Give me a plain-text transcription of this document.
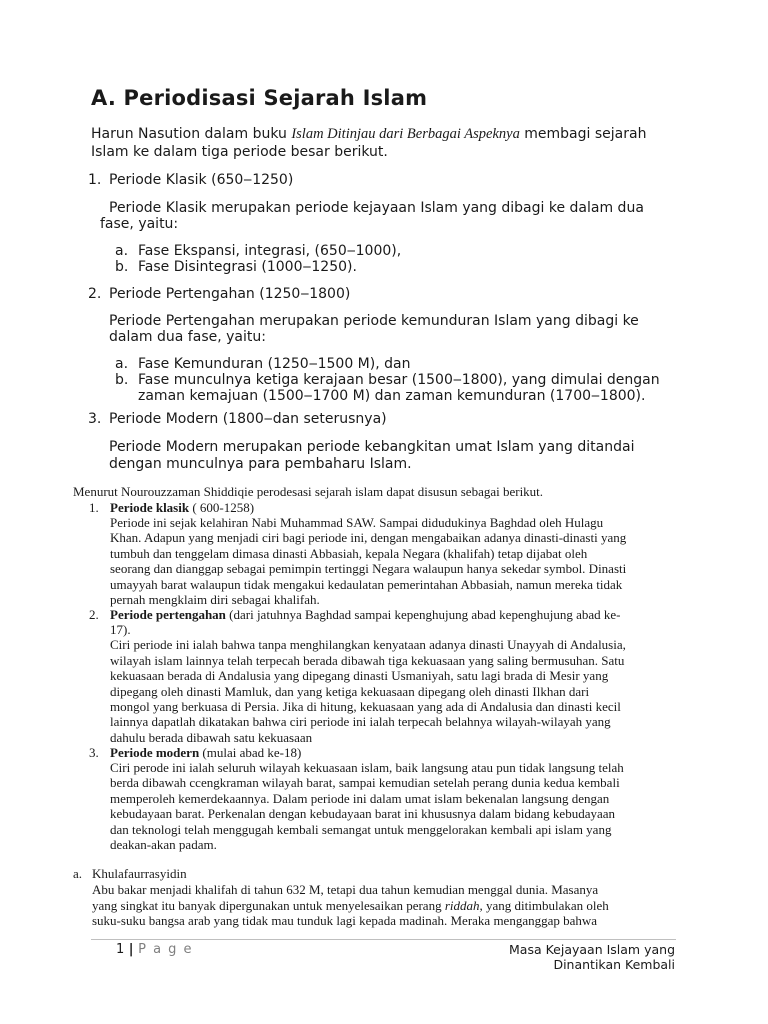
A. Periodisasi Sejarah Islam
Harun Nasution dalam buku Islam Ditinjau dari Berbagai Aspeknya membagi sejarah Islam ke dalam tiga periode besar berikut.
1. Periode Klasik (650‒1250)
Periode Klasik merupakan periode kejayaan Islam yang dibagi ke dalam dua
fase, yaitu:
a. Fase Ekspansi, integrasi, (650‒1000),
b. Fase Disintegrasi (1000‒1250).
2. Periode Pertengahan (1250‒1800)
Periode Pertengahan merupakan periode kemunduran Islam yang dibagi ke
dalam dua fase, yaitu:
a. Fase Kemunduran (1250‒1500 M), dan
b. Fase munculnya ketiga kerajaan besar (1500‒1800), yang dimulai dengan
zaman kemajuan (1500‒1700 M) dan zaman kemunduran (1700‒1800).
3. Periode Modern (1800‒dan seterusnya)
Periode Modern merupakan periode kebangkitan umat Islam yang ditandai
dengan munculnya para pembaharu Islam.
Menurut Nourouzzaman Shiddiqie perodesasi sejarah islam dapat disusun sebagai berikut.
1. Periode klasik ( 600-1258)
Periode ini sejak kelahiran Nabi Muhammad SAW. Sampai didudukinya Baghdad oleh Hulagu
Khan. Adapun yang menjadi ciri bagi periode ini, dengan mengabaikan adanya dinasti-dinasti yang
tumbuh dan tenggelam dimasa dinasti Abbasiah, kepala Negara (khalifah) tetap dijabat oleh
seorang dan dianggap sebagai pemimpin tertinggi Negara walaupun hanya sekedar symbol. Dinasti
umayyah barat walaupun tidak mengakui kedaulatan pemerintahan Abbasiah, namun mereka tidak
pernah mengklaim diri sebagai khalifah.
2. Periode pertengahan (dari jatuhnya Baghdad sampai kepenghujung abad kepenghujung abad ke-
17).
Ciri periode ini ialah bahwa tanpa menghilangkan kenyataan adanya dinasti Unayyah di Andalusia,
wilayah islam lainnya telah terpecah berada dibawah tiga kekuasaan yang saling bermusuhan. Satu
kekuasaan berada di Andalusia yang dipegang dinasti Usmaniyah, satu lagi brada di Mesir yang
dipegang oleh dinasti Mamluk, dan yang ketiga kekuasaan dipegang oleh dinasti Ilkhan dari
mongol yang berkuasa di Persia. Jika di hitung, kekuasaan yang ada di Andalusia dan dinasti kecil
lainnya dapatlah dikatakan bahwa ciri periode ini ialah terpecah belahnya wilayah-wilayah yang
dahulu berada dibawah satu kekuasaan
3. Periode modern (mulai abad ke-18)
Ciri perode ini ialah seluruh wilayah kekuasaan islam, baik langsung atau pun tidak langsung telah
berda dibawah ccengkraman wilayah barat, sampai kemudian setelah perang dunia kedua kembali
memperoleh kemerdekaannya. Dalam periode ini dalam umat islam bekenalan langsung dengan
kebudayaan barat. Perkenalan dengan kebudayaan barat ini khususnya dalam bidang kebudayaan
dan teknologi telah menggugah kembali semangat untuk menggelorakan kembali api islam yang
deakan-akan padam.
a. Khulafaurrasyidin
Abu bakar menjadi khalifah di tahun 632 M, tetapi dua tahun kemudian menggal dunia. Masanya
yang singkat itu banyak dipergunakan untuk menyelesaikan perang riddah, yang ditimbulakan oleh
suku-suku bangsa arab yang tidak mau tunduk lagi kepada madinah. Meraka menganggap bahwa
1 | P a g e	Masa Kejayaan Islam yang
Dinantikan Kembali
